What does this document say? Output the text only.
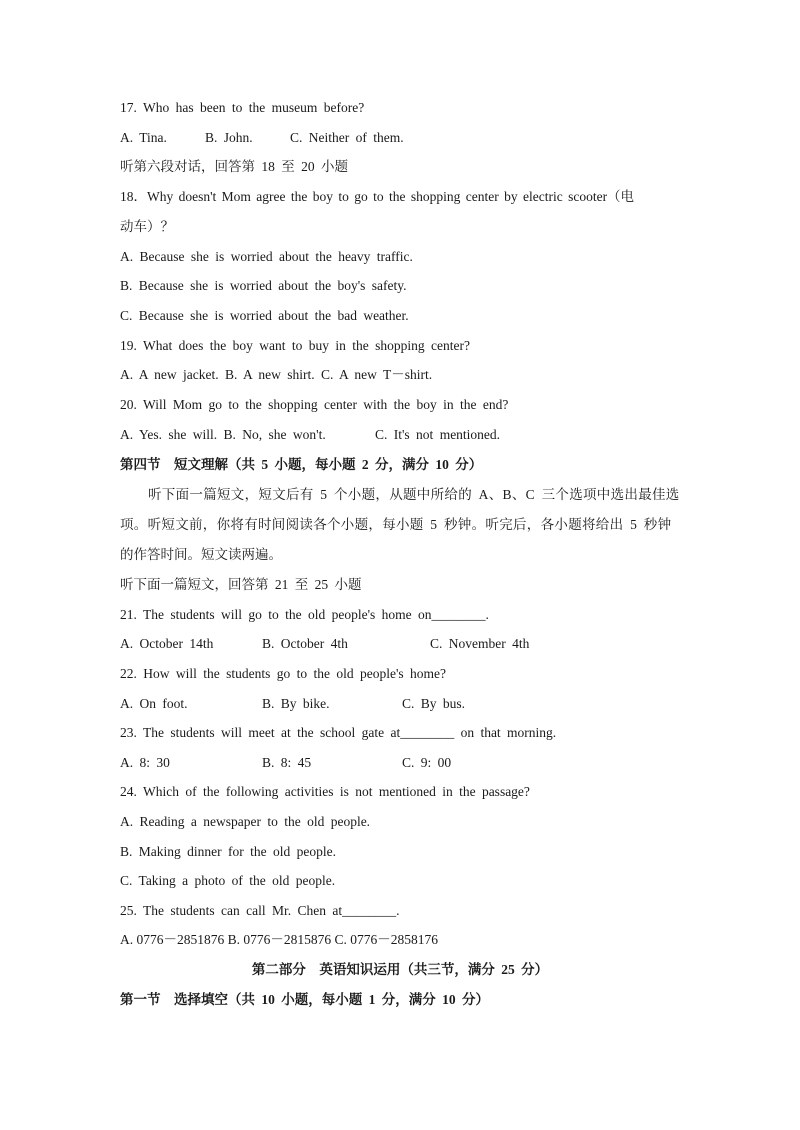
17. Who has been to the museum before?
A. Tina.	B. John.	C. Neither of them.
听第六段对话，回答第 18 至 20 小题
18．Why doesn't Mom agree the boy to go to the shopping center by electric scooter（电
动车）？
A. Because she is worried about the heavy traffic.
B. Because she is worried about the boy's safety.
C. Because she is worried about the bad weather.
19. What does the boy want to buy in the shopping center?
A. A new jacket. B. A new shirt. C. A new T－shirt.
20. Will Mom go to the shopping center with the boy in the end?
A. Yes. she will. B. No, she won't.	C. It's not mentioned.
第四节　短文理解（共 5 小题，每小题 2 分，满分 10 分）
听下面一篇短文，短文后有 5 个小题，从题中所给的 A、B、C 三个选项中选出最佳选
项。听短文前，你将有时间阅读各个小题，每小题 5 秒钟。听完后，各小题将给出 5 秒钟
的作答时间。短文读两遍。
听下面一篇短文，回答第 21 至 25 小题
21. The students will go to the old people's home on________.
A. October 14th	B. October 4th	C. November 4th
22. How will the students go to the old people's home?
A. On foot.	B. By bike.	C. By bus.
23. The students will meet at the school gate at________ on that morning.
A. 8: 30	B. 8: 45	C. 9: 00
24. Which of the following activities is not mentioned in the passage?
A. Reading a newspaper to the old people.
B. Making dinner for the old people.
C. Taking a photo of the old people.
25. The students can call Mr. Chen at________.
A. 0776－2851876 B. 0776－2815876 C. 0776－2858176
第二部分　英语知识运用（共三节，满分 25 分）
第一节　选择填空（共 10 小题，每小题 1 分，满分 10 分）
